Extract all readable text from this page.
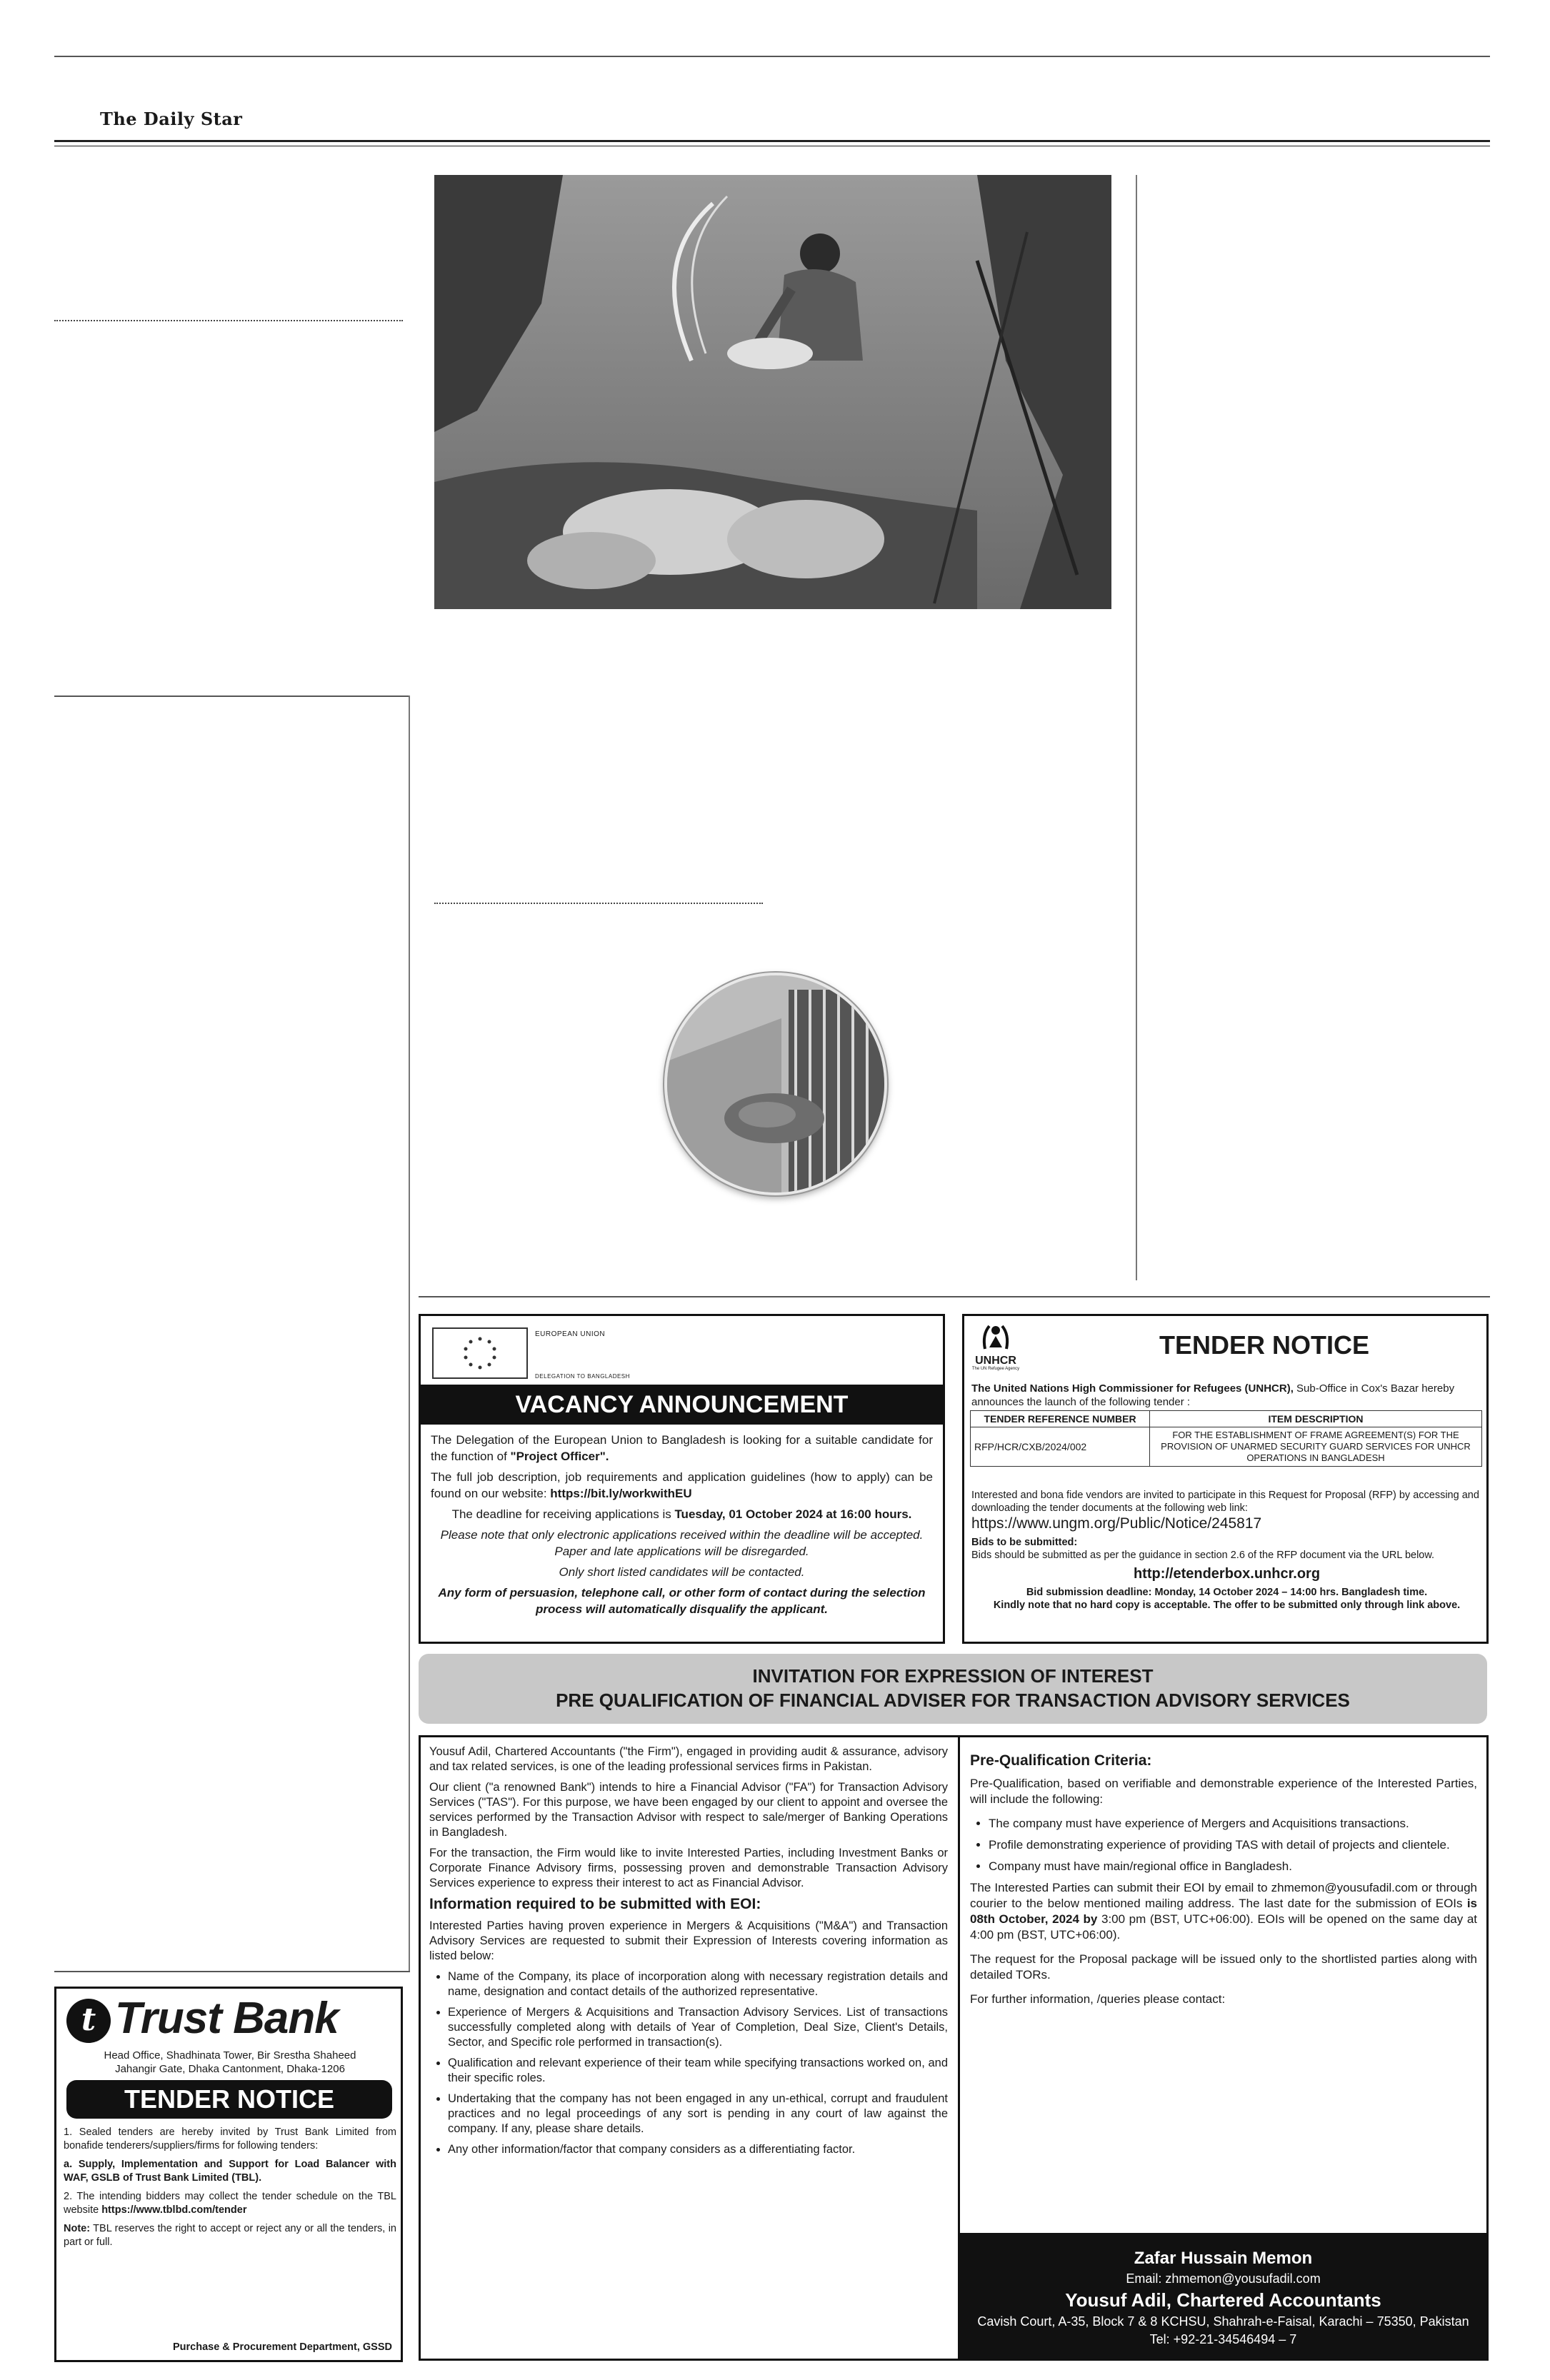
The Daily Star
EUROPEAN UNION
DELEGATION TO BANGLADESH
VACANCY ANNOUNCEMENT

The Delegation of the European Union to Bangladesh is looking for a suitable candidate for the function of "Project Officer".

The full job description, job requirements and application guidelines (how to apply) can be found on our website: https://bit.ly/workwithEU

The deadline for receiving applications is Tuesday, 01 October 2024 at 16:00 hours.

Please note that only electronic applications received within the deadline will be accepted. Paper and late applications will be disregarded.

Only short listed candidates will be contacted.

Any form of persuasion, telephone call, or other form of contact during the selection process will automatically disqualify the applicant.

UNHCR
The UN Refugee Agency
TENDER NOTICE
The United Nations High Commissioner for Refugees (UNHCR), Sub-Office in Cox's Bazar hereby announces the launch of the following tender :
TENDER REFERENCE NUMBER	ITEM DESCRIPTION
RFP/HCR/CXB/2024/002	FOR THE ESTABLISHMENT OF FRAME AGREEMENT(S) FOR THE PROVISION OF UNARMED SECURITY GUARD SERVICES FOR UNHCR OPERATIONS IN BANGLADESH

Interested and bona fide vendors are invited to participate in this Request for Proposal (RFP) by accessing and downloading the tender documents at the following web link:

https://www.ungm.org/Public/Notice/245817

Bids to be submitted:

Bids should be submitted as per the guidance in section 2.6 of the RFP document via the URL below.

http://etenderbox.unhcr.org

Bid submission deadline: Monday, 14 October 2024 – 14:00 hrs. Bangladesh time.

Kindly note that no hard copy is acceptable. The offer to be submitted only through link above.

INVITATION FOR EXPRESSION OF INTEREST
PRE QUALIFICATION OF FINANCIAL ADVISER FOR TRANSACTION ADVISORY SERVICES

Yousuf Adil, Chartered Accountants ("the Firm"), engaged in providing audit & assurance, advisory and tax related services, is one of the leading professional services firms in Pakistan.

Our client ("a renowned Bank") intends to hire a Financial Advisor ("FA") for Transaction Advisory Services ("TAS"). For this purpose, we have been engaged by our client to appoint and oversee the services performed by the Transaction Advisor with respect to sale/merger of Banking Operations in Bangladesh.

For the transaction, the Firm would like to invite Interested Parties, including Investment Banks or Corporate Finance Advisory firms, possessing proven and demonstrable Transaction Advisory Services experience to express their interest to act as Financial Advisor.

Information required to be submitted with EOI:

Interested Parties having proven experience in Mergers & Acquisitions ("M&A") and Transaction Advisory Services are requested to submit their Expression of Interests covering information as listed below:

• Name of the Company, its place of incorporation along with necessary registration details and name, designation and contact details of the authorized representative.
• Experience of Mergers & Acquisitions and Transaction Advisory Services. List of transactions successfully completed along with details of Year of Completion, Deal Size, Client's Details, Sector, and Specific role performed in transaction(s).
• Qualification and relevant experience of their team while specifying transactions worked on, and their specific roles.
• Undertaking that the company has not been engaged in any un-ethical, corrupt and fraudulent practices and no legal proceedings of any sort is pending in any court of law against the company. If any, please share details.
• Any other information/factor that company considers as a differentiating factor.
Pre-Qualification Criteria:

Pre-Qualification, based on verifiable and demonstrable experience of the Interested Parties, will include the following:

• The company must have experience of Mergers and Acquisitions transactions.
• Profile demonstrating experience of providing TAS with detail of projects and clientele.
• Company must have main/regional office in Bangladesh.

The Interested Parties can submit their EOI by email to zhmemon@yousufadil.com or through courier to the below mentioned mailing address. The last date for the submission of EOIs is 08th October, 2024 by 3:00 pm (BST, UTC+06:00). EOIs will be opened on the same day at 4:00 pm (BST, UTC+06:00).

The request for the Proposal package will be issued only to the shortlisted parties along with detailed TORs.

For further information, /queries please contact:

Zafar Hussain Memon
Email: zhmemon@yousufadil.com
Yousuf Adil, Chartered Accountants
Cavish Court, A-35, Block 7 & 8 KCHSU, Shahrah-e-Faisal, Karachi – 75350, Pakistan
Tel: +92-21-34546494 – 7
t Trust Bank
Head Office, Shadhinata Tower, Bir Srestha Shaheed
Jahangir Gate, Dhaka Cantonment, Dhaka-1206
TENDER NOTICE

1. Sealed tenders are hereby invited by Trust Bank Limited from bonafide tenderers/suppliers/firms for following tenders:

a. Supply, Implementation and Support for Load Balancer with WAF, GSLB of Trust Bank Limited (TBL).

2. The intending bidders may collect the tender schedule on the TBL website https://www.tblbd.com/tender

Note: TBL reserves the right to accept or reject any or all the tenders, in part or full.

Purchase & Procurement Department, GSSD
